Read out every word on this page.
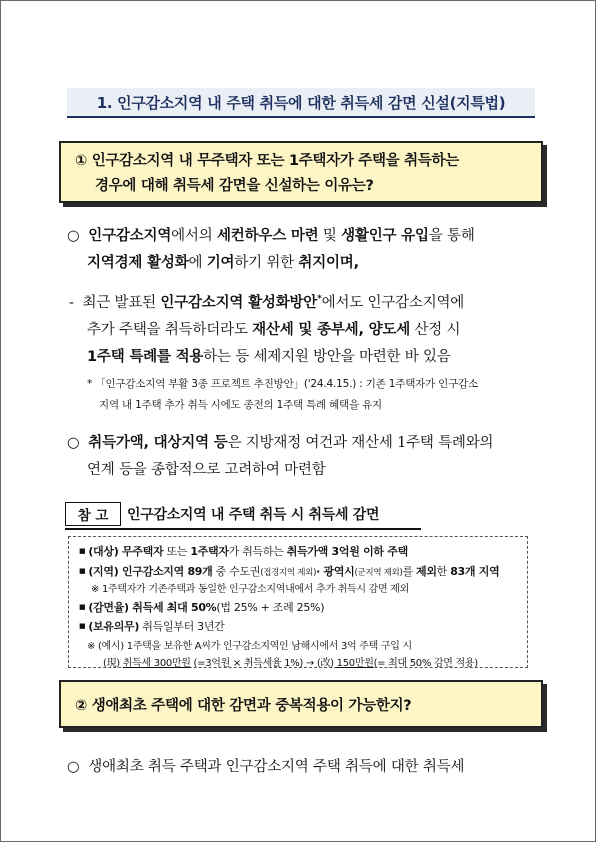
1. 인구감소지역 내 주택 취득에 대한 취득세 감면 신설(지특법)
① 인구감소지역 내 무주택자 또는 1주택자가 주택을 취득하는
경우에 대해 취득세 감면을 신설하는 이유는?
○ 인구감소지역에서의 세컨하우스 마련 및 생활인구 유입을 통해
지역경제 활성화에 기여하기 위한 취지이며,
- 최근 발표된 인구감소지역 활성화방안*에서도 인구감소지역에
추가 주택을 취득하더라도 재산세 및 종부세, 양도세 산정 시
1주택 특례를 적용하는 등 세제지원 방안을 마련한 바 있음
* 「인구감소지역 부활 3종 프로젝트 추진방안」('24.4.15.) : 기존 1주택자가 인구감소
지역 내 1주택 추가 취득 시에도 종전의 1주택 특례 혜택을 유지
○ 취득가액, 대상지역 등은 지방재정 여건과 재산세 1주택 특례와의
연계 등을 종합적으로 고려하여 마련함
참 고	인구감소지역 내 주택 취득 시 취득세 감면
■ (대상) 무주택자 또는 1주택자가 취득하는 취득가액 3억원 이하 주택
■ (지역) 인구감소지역 89개 중 수도권(접경지역 제외)· 광역시(군지역 제외)를 제외한 83개 지역
※ 1주택자가 기존주택과 동일한 인구감소지역내에서 추가 취득시 감면 제외
■ (감면율) 취득세 최대 50%(법 25% + 조례 25%)
■ (보유의무) 취득일부터 3년간
※ (예시) 1주택을 보유한 A씨가 인구감소지역인 남해시에서 3억 주택 구입 시
(現) 취득세 300만원 (=3억원 × 취득세율 1%) → (改) 150만원(= 최대 50% 감면 적용)
② 생애최초 주택에 대한 감면과 중복적용이 가능한지?
○ 생애최초 취득 주택과 인구감소지역 주택 취득에 대한 취득세
